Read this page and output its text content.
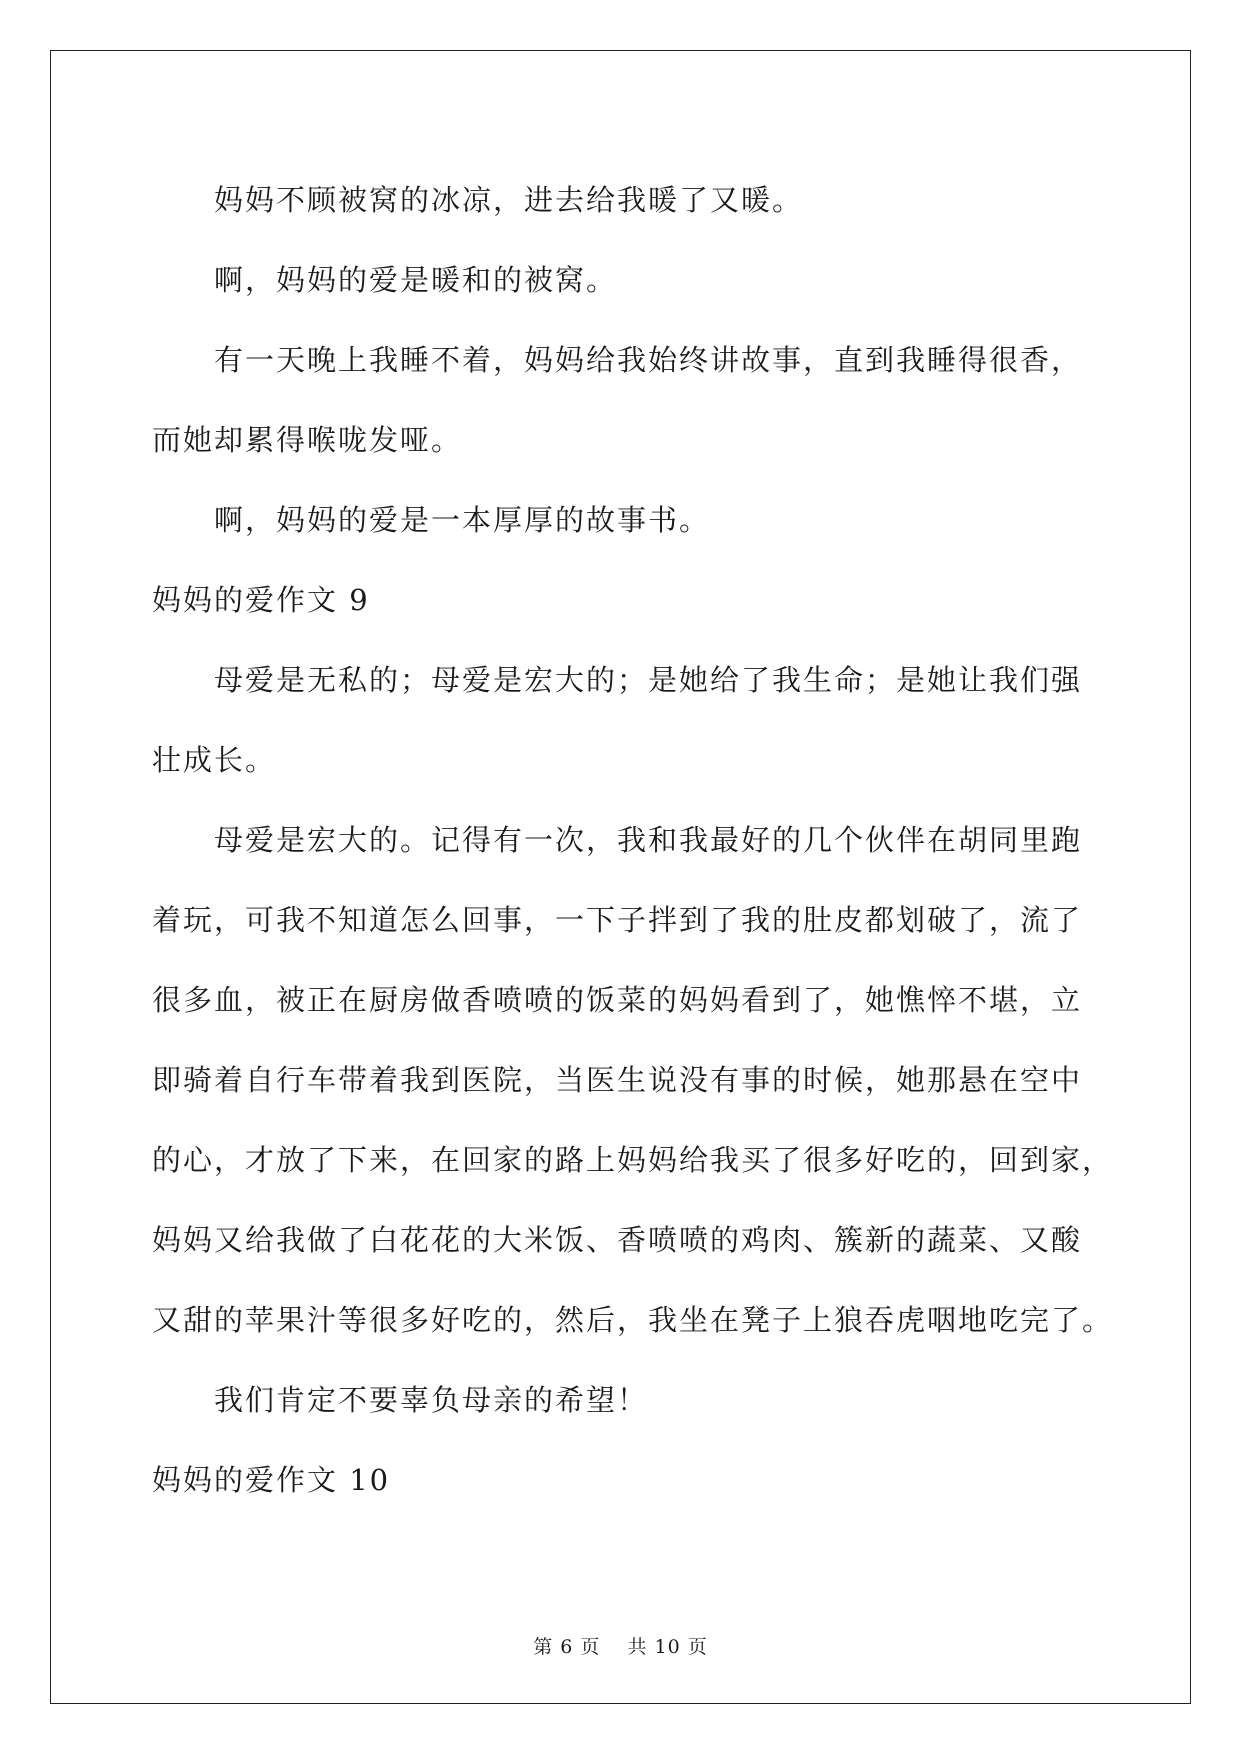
　　妈妈不顾被窝的冰凉，进去给我暖了又暖。

　　啊，妈妈的爱是暖和的被窝。

　　有一天晚上我睡不着，妈妈给我始终讲故事，直到我睡得很香，

而她却累得喉咙发哑。

　　啊，妈妈的爱是一本厚厚的故事书。

妈妈的爱作文 9

　　母爱是无私的；母爱是宏大的；是她给了我生命；是她让我们强

壮成长。

　　母爱是宏大的。记得有一次，我和我最好的几个伙伴在胡同里跑

着玩，可我不知道怎么回事，一下子拌到了我的肚皮都划破了，流了

很多血，被正在厨房做香喷喷的饭菜的妈妈看到了，她憔悴不堪，立

即骑着自行车带着我到医院，当医生说没有事的时候，她那悬在空中

的心，才放了下来，在回家的路上妈妈给我买了很多好吃的，回到家，

妈妈又给我做了白花花的大米饭、香喷喷的鸡肉、簇新的蔬菜、又酸

又甜的苹果汁等很多好吃的，然后，我坐在凳子上狼吞虎咽地吃完了。

　　我们肯定不要辜负母亲的希望！

妈妈的爱作文 10

第 6 页 共 10 页
